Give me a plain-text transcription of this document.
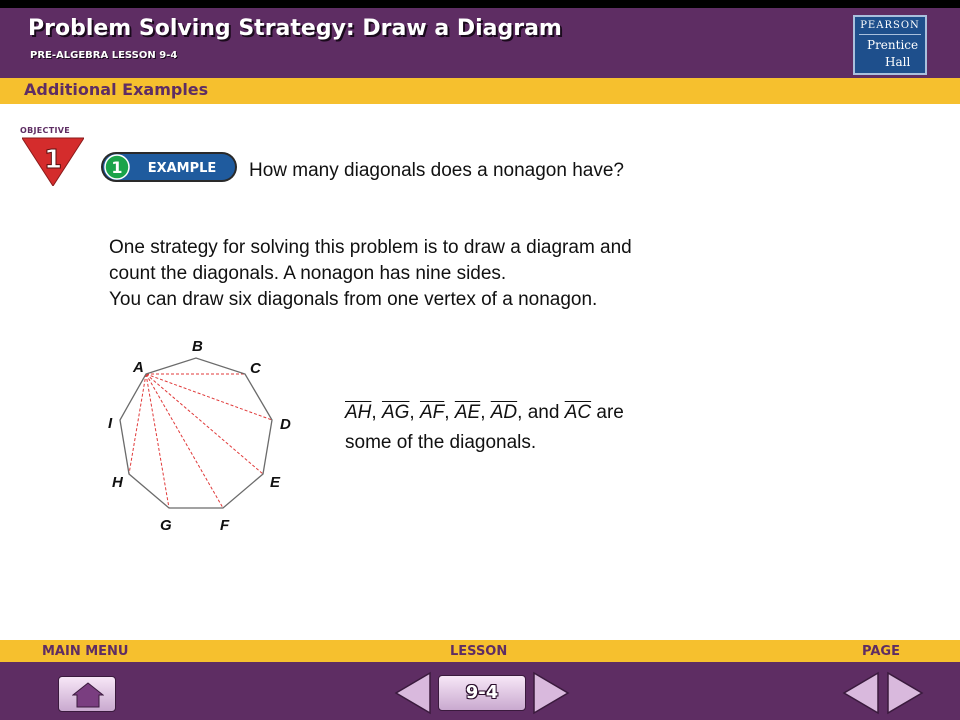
Problem Solving Strategy: Draw a Diagram
PRE-ALGEBRA LESSON 9-4
PEARSON
Prentice
Hall
Additional Examples
OBJECTIVE
1	1 EXAMPLE How many diagonals does a nonagon have?
One strategy for solving this problem is to draw a diagram and
count the diagonals. A nonagon has nine sides.
You can draw six diagonals from one vertex of a nonagon.
A
B
C
D
E
F
G
H
I
$\overline{AH}$, $\overline{AG}$, $\overline{AF}$, $\overline{AE}$, $\overline{AD}$, and $\overline{AC}$ are
some of the diagonals.
MAIN MENU	LESSON	PAGE
9-4
